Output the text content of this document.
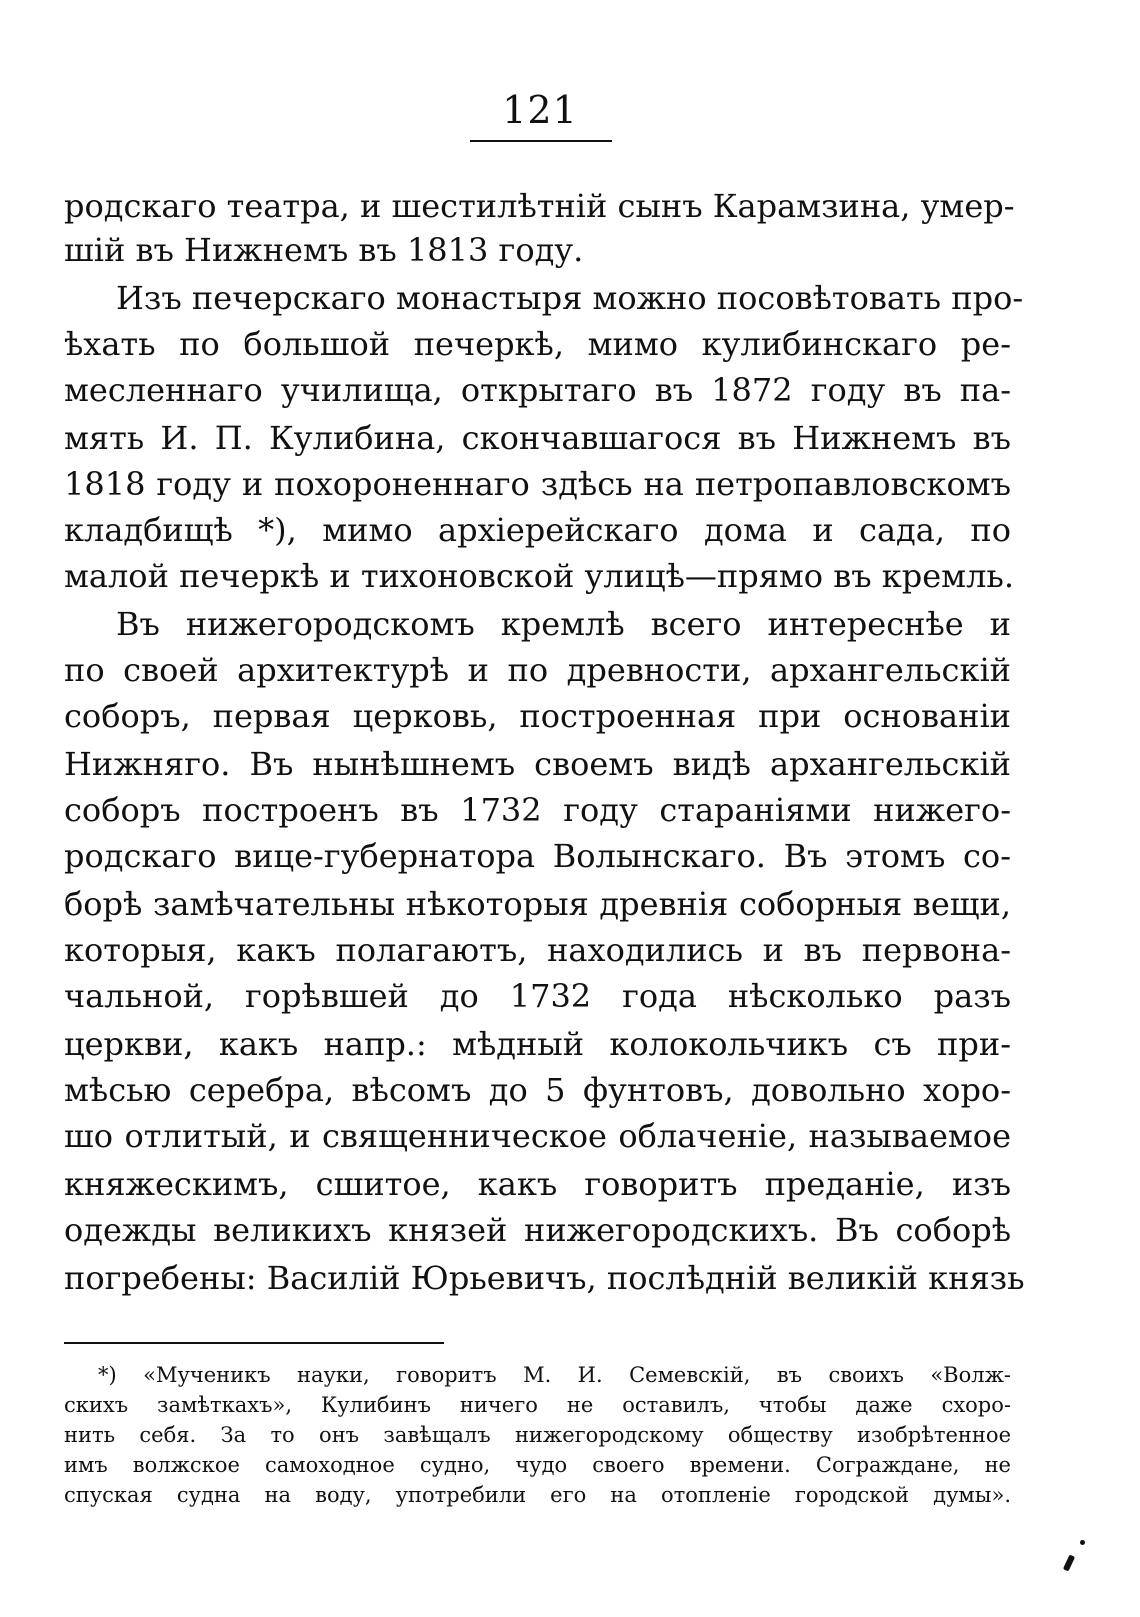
121
родскаго театра, и шестилѣтній сынъ Карамзина, умер-
шій въ Нижнемъ въ 1813 году.
Изъ печерскаго монастыря можно посовѣтовать про-
ѣхать по большой печеркѣ, мимо кулибинскаго ре-
месленнаго училища, открытаго въ 1872 году въ па-
мять И. П. Кулибина, скончавшагося въ Нижнемъ въ
1818 году и похороненнаго здѣсь на петропавловскомъ
кладбищѣ *), мимо архіерейскаго дома и сада, по
малой печеркѣ и тихоновской улицѣ—прямо въ кремль.
Въ нижегородскомъ кремлѣ всего интереснѣе и
по своей архитектурѣ и по древности, архангельскій
соборъ, первая церковь, построенная при основаніи
Нижняго. Въ нынѣшнемъ своемъ видѣ архангельскій
соборъ построенъ въ 1732 году стараніями нижего-
родскаго вице-губернатора Волынскаго. Въ этомъ со-
борѣ замѣчательны нѣкоторыя древнія соборныя вещи,
которыя, какъ полагаютъ, находились и въ первона-
чальной, горѣвшей до 1732 года нѣсколько разъ
церкви, какъ напр.: мѣдный колокольчикъ съ при-
мѣсью серебра, вѣсомъ до 5 фунтовъ, довольно хоро-
шо отлитый, и священническое облаченіе, называемое
княжескимъ, сшитое, какъ говоритъ преданіе, изъ
одежды великихъ князей нижегородскихъ. Въ соборѣ
погребены: Василій Юрьевичъ, послѣдній великій князь
*) «Мученикъ науки, говоритъ М. И. Семевскій, въ своихъ «Волж-
скихъ замѣткахъ», Кулибинъ ничего не оставилъ, чтобы даже схоро-
нить себя. За то онъ завѣщалъ нижегородскому обществу изобрѣтенное
имъ волжское самоходное судно, чудо своего времени. Сограждане, не
спуская судна на воду, употребили его на отопленіе городской думы».
